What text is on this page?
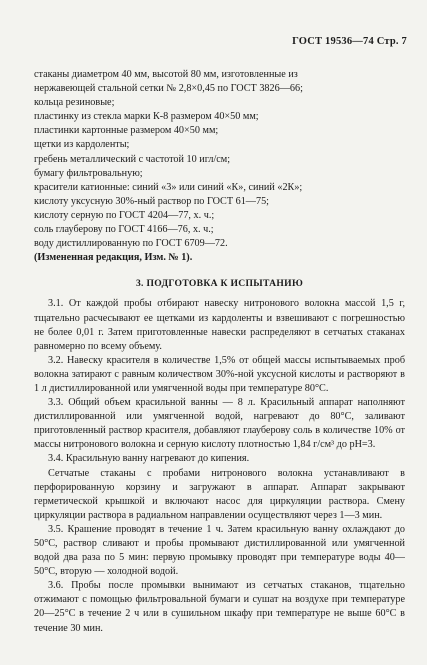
ГОСТ 19536—74 Стр. 7
стаканы диаметром 40 мм, высотой 80 мм, изготовленные из
нержавеющей стальной сетки № 2,8×0,45 по ГОСТ 3826—66;
кольца резиновые;
пластинку из стекла марки К-8 размером 40×50 мм;
пластинки картонные размером 40×50 мм;
щетки из кардоленты;
гребень металлический с частотой 10 игл/см;
бумагу фильтровальную;
красители катионные: синий «3» или синий «К», синий «2К»;
кислоту уксусную 30%-ный раствор по ГОСТ 61—75;
кислоту серную по ГОСТ 4204—77, х. ч.;
соль глауберову по ГОСТ 4166—76, х. ч.;
воду дистиллированную по ГОСТ 6709—72.
(Измененная редакция, Изм. № 1).
3. ПОДГОТОВКА К ИСПЫТАНИЮ

3.1. От каждой пробы отбирают навеску нитронового волокна массой 1,5 г, тщательно расчесывают ее щетками из кардоленты и взвешивают с погрешностью не более 0,01 г. Затем приготовленные навески распределяют в сетчатых стаканах равномерно по всему объему.

3.2. Навеску красителя в количестве 1,5% от общей массы испытываемых проб волокна затирают с равным количеством 30%-ной уксусной кислоты и растворяют в 1 л дистиллированной или умягченной воды при температуре 80°С.

3.3. Общий объем красильной ванны — 8 л. Красильный аппарат наполняют дистиллированной или умягченной водой, нагревают до 80°С, заливают приготовленный раствор красителя, добавляют глауберову соль в количестве 10% от массы нитронового волокна и серную кислоту плотностью 1,84 г/см³ до рН=3.

3.4. Красильную ванну нагревают до кипения.

Сетчатые стаканы с пробами нитронового волокна устанавливают в перфорированную корзину и загружают в аппарат. Аппарат закрывают герметической крышкой и включают насос для циркуляции раствора. Смену циркуляции раствора в радиальном направлении осуществляют через 1—3 мин.

3.5. Крашение проводят в течение 1 ч. Затем красильную ванну охлаждают до 50°С, раствор сливают и пробы промывают дистиллированной или умягченной водой два раза по 5 мин: первую промывку проводят при температуре воды 40—50°С, вторую — холодной водой.

3.6. Пробы после промывки вынимают из сетчатых стаканов, тщательно отжимают с помощью фильтровальной бумаги и сушат на воздухе при температуре 20—25°С в течение 2 ч или в сушильном шкафу при температуре не выше 60°С в течение 30 мин.
